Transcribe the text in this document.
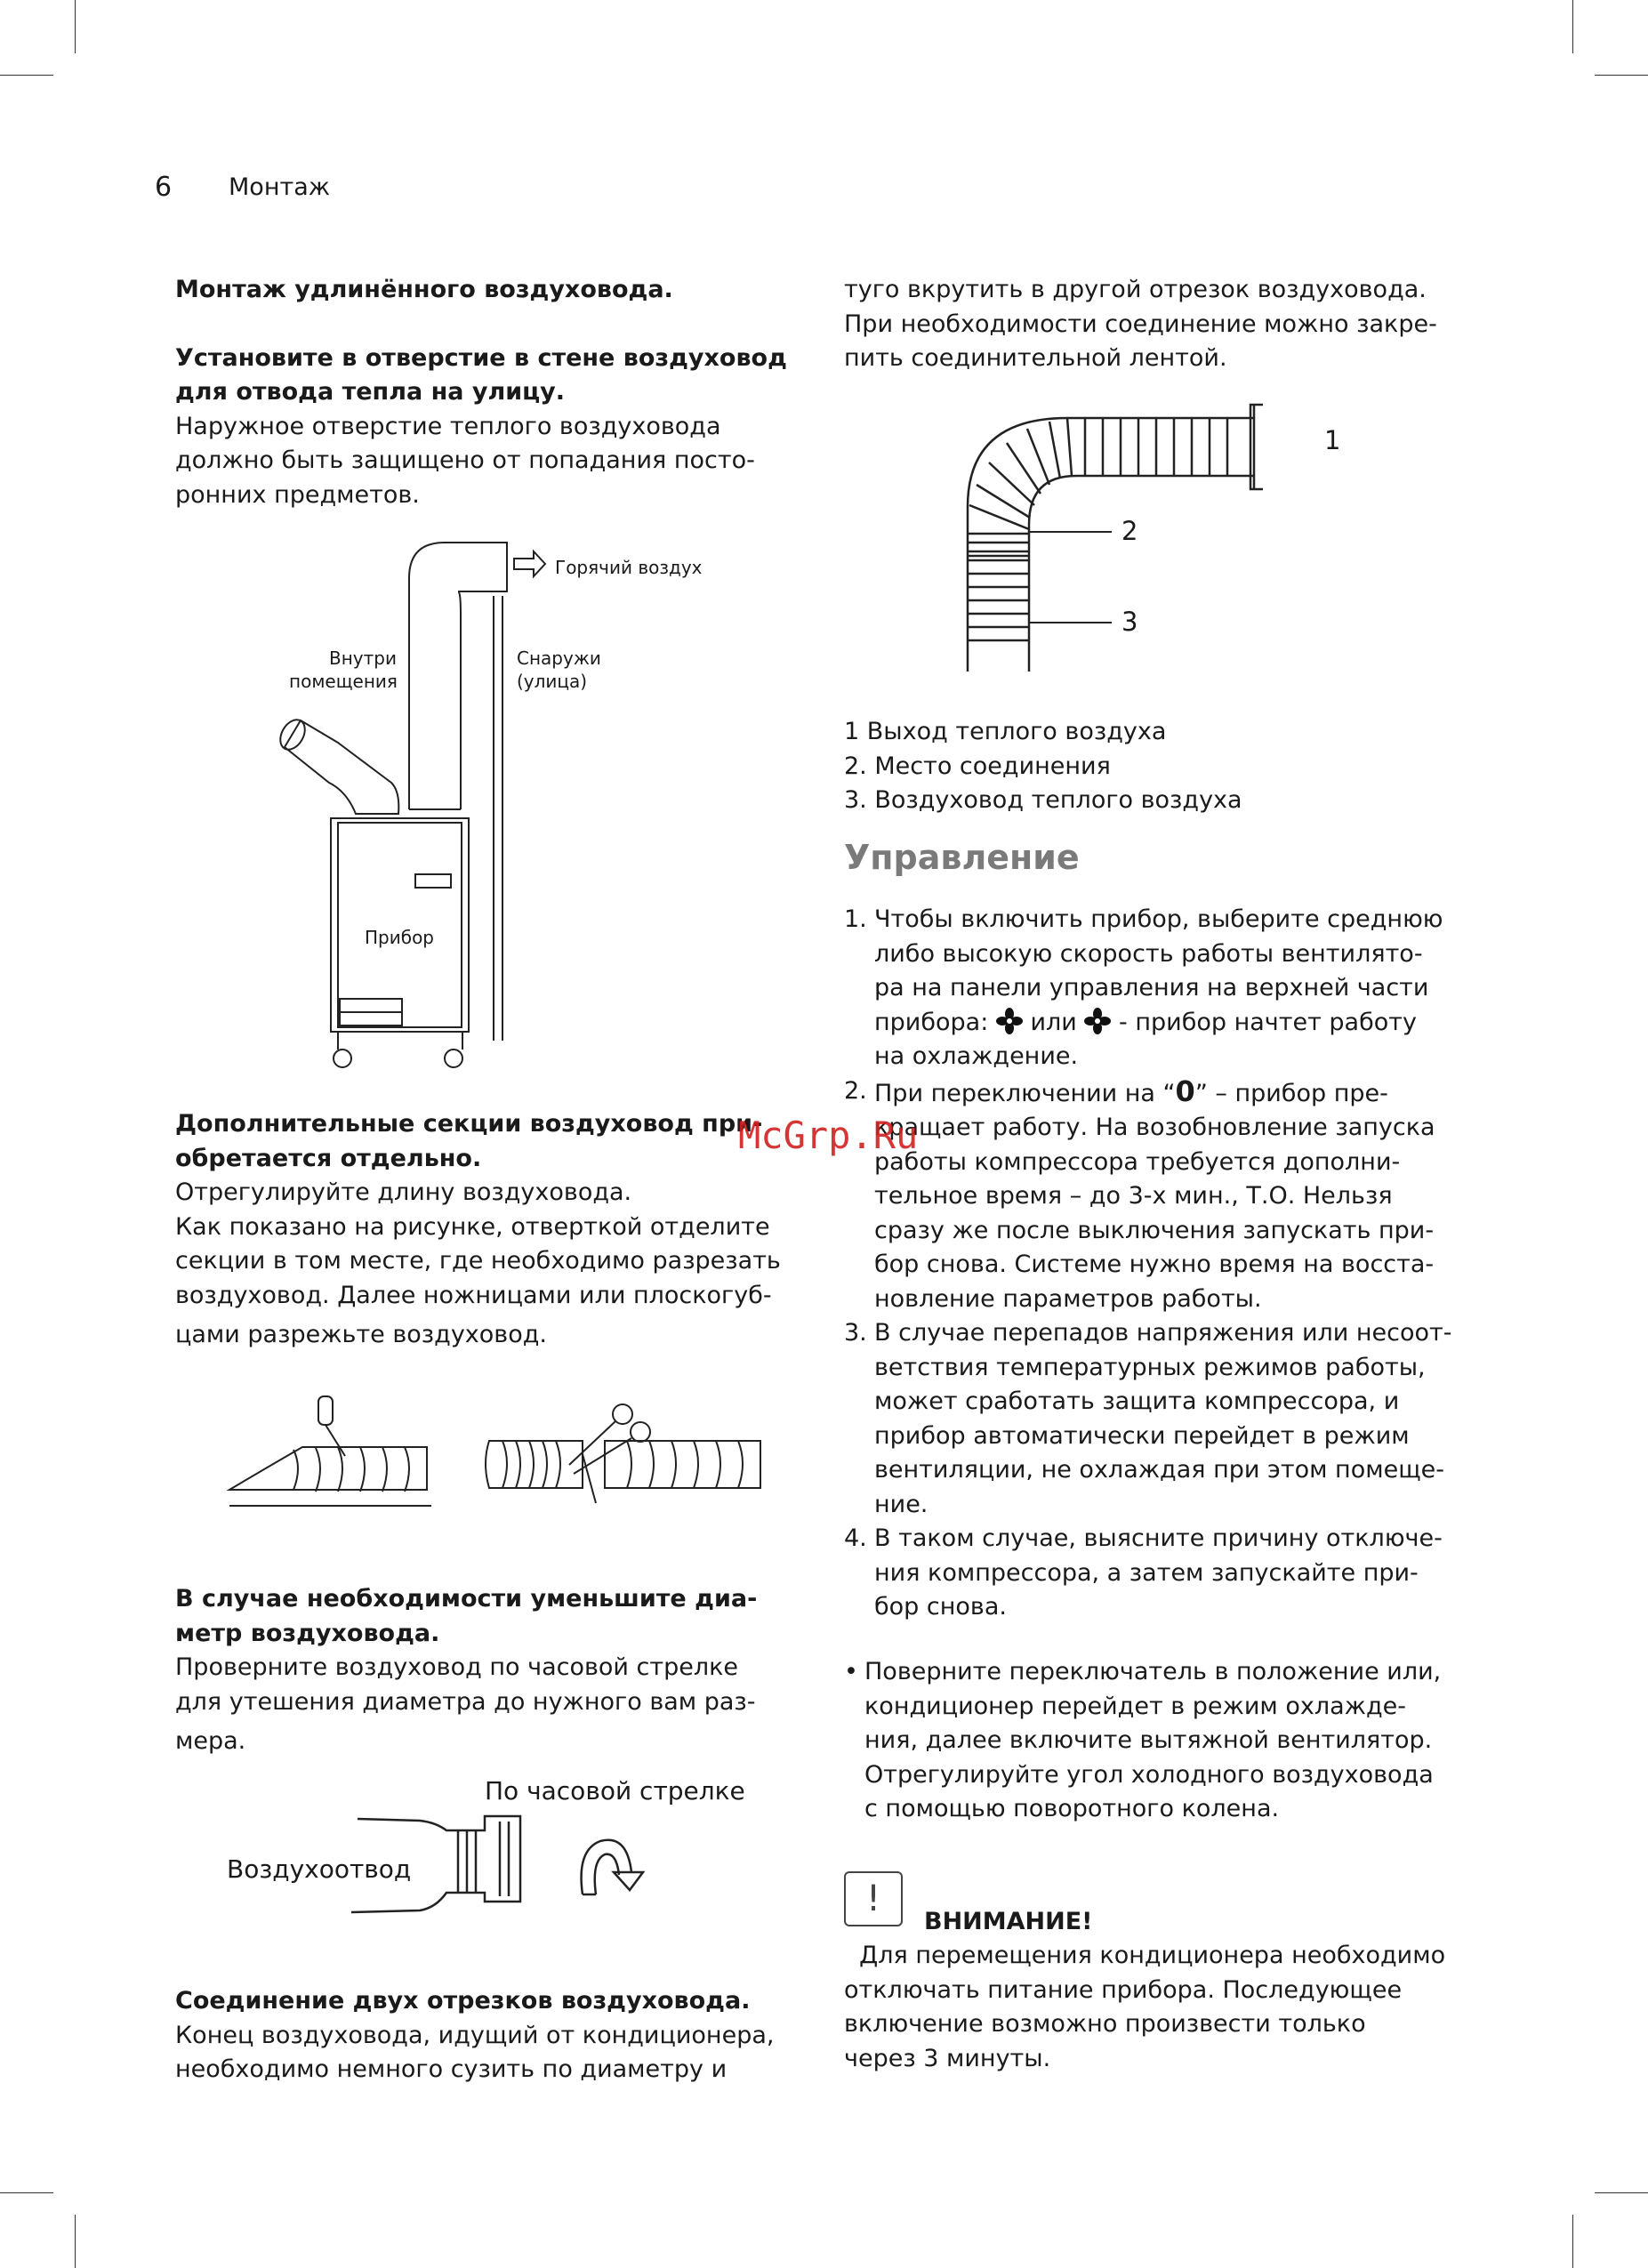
6 Монтаж

Монтаж удлинённого воздуховода.

Установите в отверстие в стене воздуховод

для отвода тепла на улицу.

Наружное отверстие теплого воздуховода

должно быть защищено от попадания посто-

ронних предметов.

Горячий воздух
Внутри
помещения
Снаружи
(улица)
Прибор

Дополнительные секции воздуховод при-

обретается отдельно.

Отрегулируйте длину воздуховода.

Как показано на рисунке, отверткой отделите

секции в том месте, где необходимо разрезать

воздуховод. Далее ножницами или плоскогуб-

цами разрежьте воздуховод.

В случае необходимости уменьшите диа-

метр воздуховода.

Проверните воздуховод по часовой стрелке

для утешения диаметра до нужного вам раз-

мера.

По часовой стрелке
Воздухоотвод

Соединение двух отрезков воздуховода.

Конец воздуховода, идущий от кондиционера,

необходимо немного сузить по диаметру и

туго вкрутить в другой отрезок воздуховода.

При необходимости соединение можно закре-

пить соединительной лентой.

1
2
3

1 Выход теплого воздуха

2. Место соединения

3. Воздуховод теплого воздуха

Управление
1. Чтобы включить прибор, выберите среднюю
либо высокую скорость работы вентилято-
ра на панели управления на верхней части
прибора: или - прибор начтет работу
на охлаждение.
2. При переключении на “0” – прибор пре-
кращает работу. На возобновление запуска
работы компрессора требуется дополни-
тельное время – до 3-х мин., Т.О. Нельзя
сразу же после выключения запускать при-
бор снова. Системе нужно время на восста-
новление параметров работы.
3. В случае перепадов напряжения или несоот-
ветствия температурных режимов работы,
может сработать защита компрессора, и
прибор автоматически перейдет в режим
вентиляции, не охлаждая при этом помеще-
ние.
4. В таком случае, выясните причину отключе-
ния компрессора, а затем запускайте при-
бор снова.
• Поверните переключатель в положение или,

кондиционер перейдет в режим охлажде-

ния, далее включите вытяжной вентилятор.

Отрегулируйте угол холодного воздуховода

с помощью поворотного колена.

!
ВНИМАНИЕ!

Для перемещения кондиционера необходимо

отключать питание прибора. Последующее

включение возможно произвести только

через 3 минуты.

McGrp.Ru
